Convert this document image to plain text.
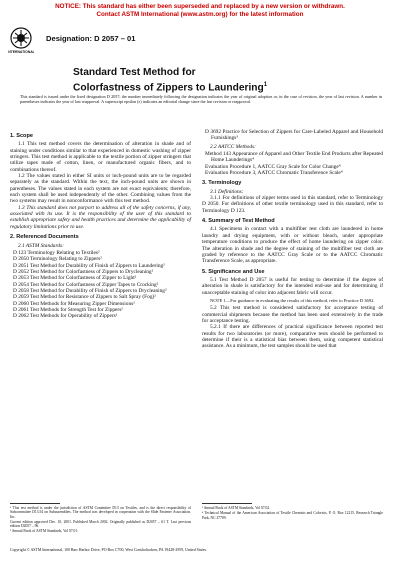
NOTICE: This standard has either been superseded and replaced by a new version or withdrawn.
Contact ASTM International (www.astm.org) for the latest information
INTERNATIONAL
Designation: D 2057 – 01
Standard Test Method for
Colorfastness of Zippers to Laundering$^1$
This standard is issued under the fixed designation D 2057; the number immediately following the designation indicates the year of original adoption or, in the case of revision, the year of last revision. A number in parentheses indicates the year of last reapproval. A superscript epsilon (ε) indicates an editorial change since the last revision or reapproval.

1. Scope

1.1 This test method covers the determination of alteration in shade and of staining under conditions similar to that experienced in domestic washing of zipper stringers. This test method is applicable to the textile portion of zipper stringers that utilize tapes made of cotton, linen, or manufactured organic fibers, and to combinations thereof.

1.2 The values stated in either SI units or inch-pound units are to be regarded separately as the standard. Within the text, the inch-pound units are shown in parentheses. The values stated in each system are not exact equivalents; therefore, each system shall be used independently of the other. Combining values from the two systems may result in nonconformance with this test method.

1.3 This standard does not purport to address all of the safety concerns, if any, associated with its use. It is the responsibility of the user of this standard to establish appropriate safety and health practices and determine the applicability of regulatory limitations prior to use.

2. Referenced Documents

2.1 ASTM Standards:

D 123 Terminology Relating to Textiles²

D 2050 Terminology Relating to Zippers²

D 2051 Test Method for Durability of Finish of Zippers to Laundering²

D 2052 Test Method for Colorfastness of Zippers to Drycleaning²

D 2053 Test Method for Colorfastness of Zipper to Light²

D 2054 Test Method for Colorfastness of Zipper Tapes to Crocking²

D 2058 Test Method for Durability of Finish of Zippers to Drycleaning²

D 2059 Test Method for Resistance of Zippers to Salt Spray (Fog)²

D 2060 Test Methods for Measuring Zipper Dimensions²

D 2061 Test Methods for Strength Test for Zippers²

D 2062 Test Methods for Operability of Zippers²

D 3692 Practice for Selection of Zippers for Care-Labeled Apparel and Household Furnishings³

2.2 AATCC Methods:

Method 143 Appearance of Apparel and Other Textile End Products after Repeated Home Launderings⁴

Evaluation Procedure 1, AATCC Gray Scale for Color Change⁴

Evaluation Procedure 3, AATCC Chromatic Transference Scale⁴

3. Terminology

3.1 Definitions:

3.1.1 For definitions of zipper terms used in this standard, refer to Terminology D 2050. For definitions of other textile terminology used in this standard, refer to Terminology D 123.

4. Summary of Test Method

4.1 Specimens in contact with a multifiber test cloth are laundered in home laundry and drying equipment, with or without bleach, under appropriate temperature conditions to produce the effect of home laundering on zipper color. The alteration in shade and the degree of staining of the multifiber test cloth are graded by reference to the AATCC Gray Scale or to the AATCC Chromatic Transference Scale, as appropriate.

5. Significance and Use

5.1 Test Method D 2057 is useful for testing to determine if the degree of alteration in shade is satisfactory for the intended end-use and for determining if unacceptable staining of color into adjacent fabric will occur.

NOTE 1—For guidance in evaluating the results of this method, refer to Practice D 3692.

5.2 This test method is considered satisfactory for acceptance testing of commercial shipments because the method has been used extensively in the trade for acceptance testing.

5.2.1 If there are differences of practical significance between reported test results for two laboratories (or more), comparative tests should be performed to determine if their is a statistical bias between them, using competent statistical assistance. As a minimum, the test samples should be used that

¹ This test method is under the jurisdiction of ASTM Committee D13 on Textiles, and is the direct responsibility of Subcommittee D13.54 on Subassemblies. The method was developed in cooperation with the Slide Fastener Association, Inc.

Current edition approved Dec. 10, 2001. Published March 2002. Originally published as D2057 – 61 T. Last previous edition D2057 – 96.

² Annual Book of ASTM Standards, Vol 07.01.

³ Annual Book of ASTM Standards, Vol 07.02.

⁴ Technical Manual of the American Association of Textile Chemists and Colorists, P. O. Box 12215, Research Triangle Park, NC 27709.

Copyright © ASTM International, 100 Barr Harbor Drive, PO Box C700, West Conshohocken, PA 19428-2959, United States.
